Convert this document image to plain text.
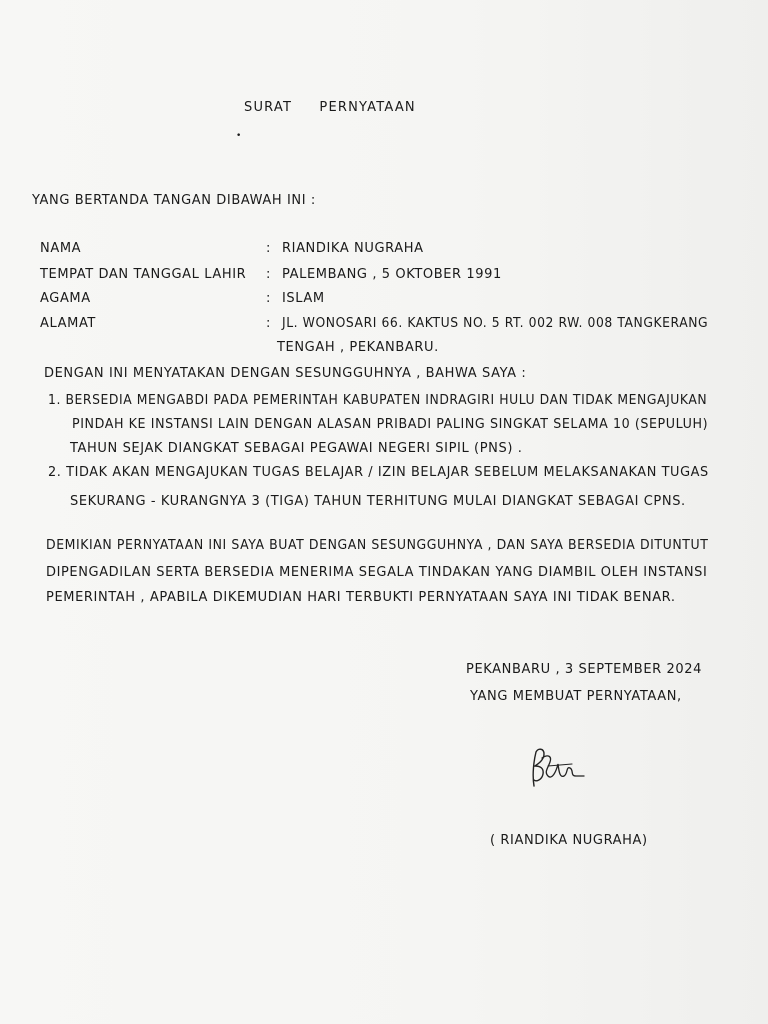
SURAT PERNYATAAN
•
YANG BERTANDA TANGAN DIBAWAH INI :
NAMA	: RIANDIKA NUGRAHA
TEMPAT DAN TANGGAL LAHIR : PALEMBANG , 5 OKTOBER 1991
AGAMA	: ISLAM
ALAMAT	: JL. WONOSARI 66. KAKTUS NO. 5 RT. 002 RW. 008 TANGKERANG
TENGAH , PEKANBARU.
DENGAN INI MENYATAKAN DENGAN SESUNGGUHNYA , BAHWA SAYA :
1. BERSEDIA MENGABDI PADA PEMERINTAH KABUPATEN INDRAGIRI HULU DAN TIDAK MENGAJUKAN
PINDAH KE INSTANSI LAIN DENGAN ALASAN PRIBADI PALING SINGKAT SELAMA 10 (SEPULUH)
TAHUN SEJAK DIANGKAT SEBAGAI PEGAWAI NEGERI SIPIL (PNS) .
2. TIDAK AKAN MENGAJUKAN TUGAS BELAJAR / IZIN BELAJAR SEBELUM MELAKSANAKAN TUGAS
SEKURANG - KURANGNYA 3 (TIGA) TAHUN TERHITUNG MULAI DIANGKAT SEBAGAI CPNS.
DEMIKIAN PERNYATAAN INI SAYA BUAT DENGAN SESUNGGUHNYA , DAN SAYA BERSEDIA DITUNTUT
DIPENGADILAN SERTA BERSEDIA MENERIMA SEGALA TINDAKAN YANG DIAMBIL OLEH INSTANSI
PEMERINTAH , APABILA DIKEMUDIAN HARI TERBUKTI PERNYATAAN SAYA INI TIDAK BENAR.
PEKANBARU , 3 SEPTEMBER 2024
YANG MEMBUAT PERNYATAAN,
( RIANDIKA NUGRAHA)
